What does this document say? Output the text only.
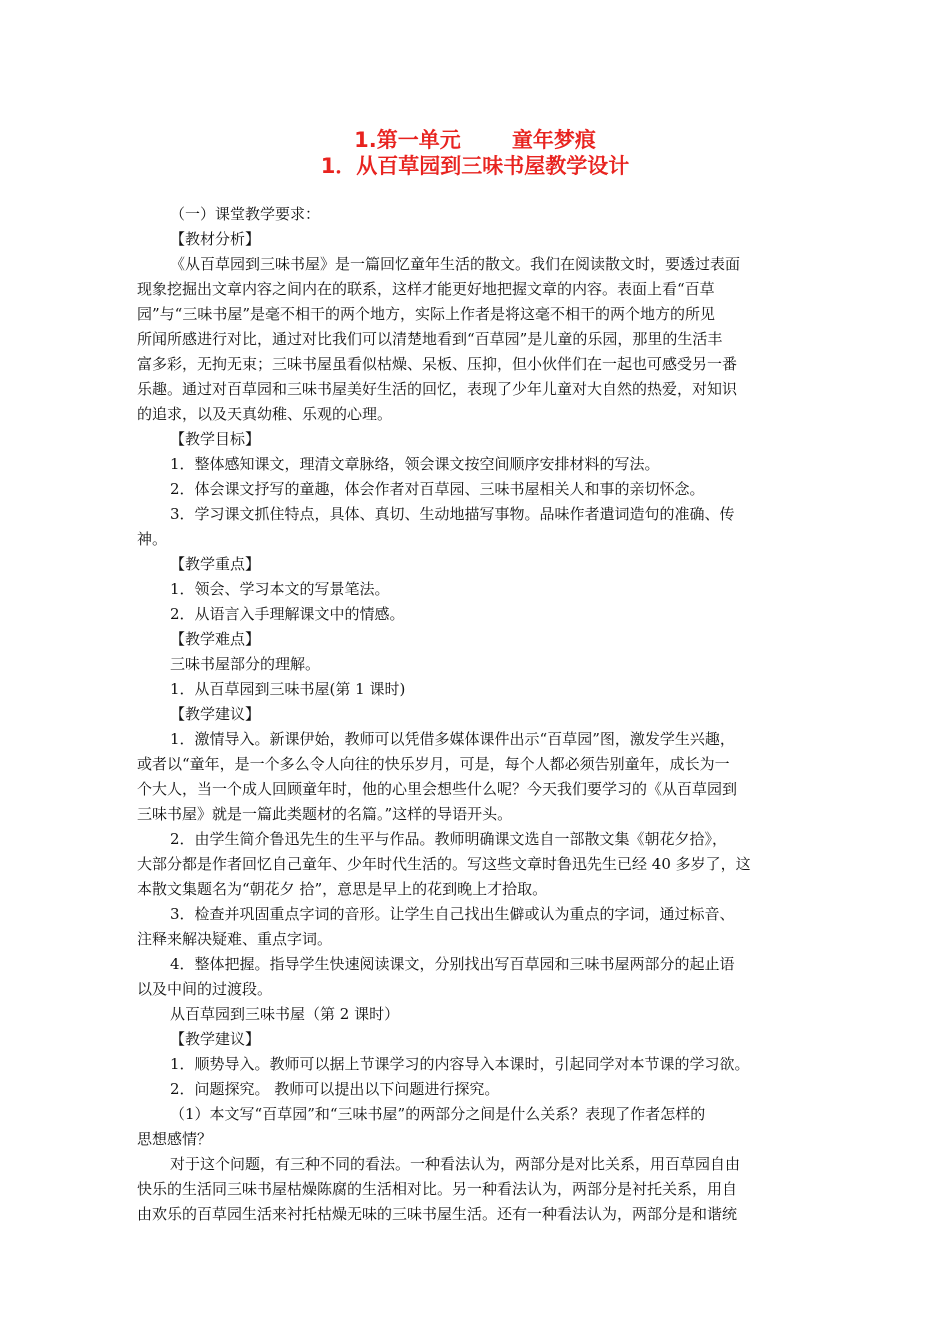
1.第一单元       童年梦痕
1．从百草园到三味书屋教学设计
（一）课堂教学要求：
【教材分析】
《从百草园到三味书屋》是一篇回忆童年生活的散文。我们在阅读散文时，要透过表面
现象挖掘出文章内容之间内在的联系，这样才能更好地把握文章的内容。表面上看“百草
园”与“三味书屋”是毫不相干的两个地方，实际上作者是将这毫不相干的两个地方的所见
所闻所感进行对比，通过对比我们可以清楚地看到“百草园”是儿童的乐园，那里的生活丰
富多彩，无拘无束；三味书屋虽看似枯燥、呆板、压抑，但小伙伴们在一起也可感受另一番
乐趣。通过对百草园和三味书屋美好生活的回忆，表现了少年儿童对大自然的热爱，对知识
的追求，以及天真幼稚、乐观的心理。
【教学目标】
1．整体感知课文，理清文章脉络，领会课文按空间顺序安排材料的写法。
2．体会课文抒写的童趣，体会作者对百草园、三味书屋相关人和事的亲切怀念。
3．学习课文抓住特点，具体、真切、生动地描写事物。品味作者遣词造句的准确、传
神。
【教学重点】
1．领会、学习本文的写景笔法。
2．从语言入手理解课文中的情感。
【教学难点】
三味书屋部分的理解。
1．从百草园到三味书屋(第 1 课时)
【教学建议】
1．激情导入。新课伊始，教师可以凭借多媒体课件出示“百草园”图，激发学生兴趣，
或者以“童年，是一个多么令人向往的快乐岁月，可是，每个人都必须告别童年，成长为一
个大人，当一个成人回顾童年时，他的心里会想些什么呢？今天我们要学习的《从百草园到
三味书屋》就是一篇此类题材的名篇。”这样的导语开头。
2．由学生简介鲁迅先生的生平与作品。教师明确课文选自一部散文集《朝花夕拾》，
大部分都是作者回忆自己童年、少年时代生活的。写这些文章时鲁迅先生已经 40 多岁了，这
本散文集题名为“朝花夕 拾”，意思是早上的花到晚上才拾取。
3．检查并巩固重点字词的音形。让学生自己找出生僻或认为重点的字词，通过标音、
注释来解决疑难、重点字词。
4．整体把握。指导学生快速阅读课文，分别找出写百草园和三味书屋两部分的起止语
以及中间的过渡段。
从百草园到三味书屋（第 2 课时）
【教学建议】
1．顺势导入。教师可以据上节课学习的内容导入本课时，引起同学对本节课的学习欲。
2．问题探究。 教师可以提出以下问题进行探究。
（1）本文写“百草园”和“三味书屋”的两部分之间是什么关系？表现了作者怎样的
思想感情？
对于这个问题，有三种不同的看法。一种看法认为，两部分是对比关系，用百草园自由
快乐的生活同三味书屋枯燥陈腐的生活相对比。另一种看法认为，两部分是衬托关系，用自
由欢乐的百草园生活来衬托枯燥无味的三味书屋生活。还有一种看法认为，两部分是和谐统
